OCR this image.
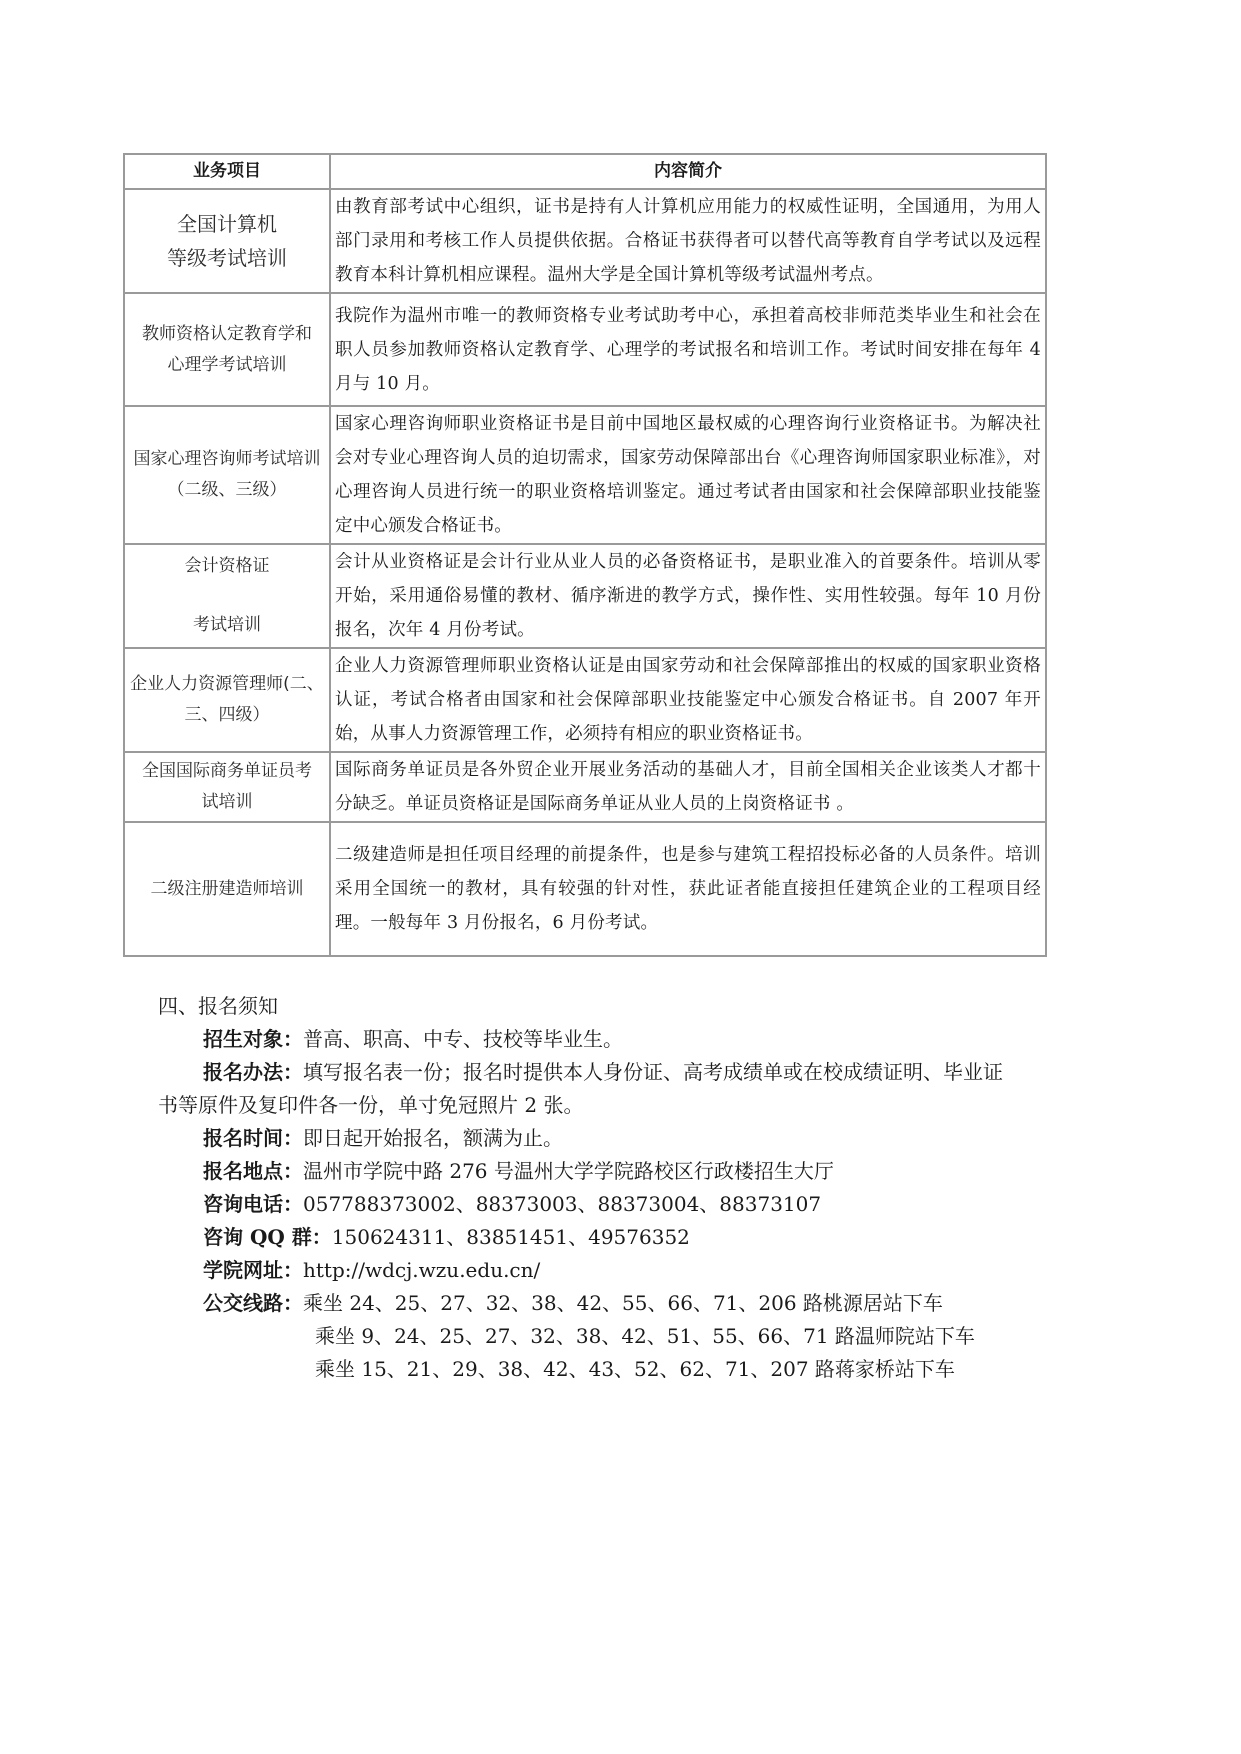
业务项目	内容简介

全国计算机
等级考试培训	由教育部考试中心组织，证书是持有人计算机应用能力的权威性证明，全国通用，为用人部门录用和考核工作人员提供依据。合格证书获得者可以替代高等教育自学考试以及远程教育本科计算机相应课程。温州大学是全国计算机等级考试温州考点。

教师资格认定教育学和
心理学考试培训	我院作为温州市唯一的教师资格专业考试助考中心，承担着高校非师范类毕业生和社会在职人员参加教师资格认定教育学、心理学的考试报名和培训工作。考试时间安排在每年 4 月与 10 月。

国家心理咨询师考试培训
（二级、三级）	国家心理咨询师职业资格证书是目前中国地区最权威的心理咨询行业资格证书。为解决社会对专业心理咨询人员的迫切需求，国家劳动保障部出台《心理咨询师国家职业标准》，对心理咨询人员进行统一的职业资格培训鉴定。通过考试者由国家和社会保障部职业技能鉴定中心颁发合格证书。

会计资格证
考试培训	会计从业资格证是会计行业从业人员的必备资格证书，是职业准入的首要条件。培训从零开始，采用通俗易懂的教材、循序渐进的教学方式，操作性、实用性较强。每年 10 月份报名，次年 4 月份考试。

企业人力资源管理师(二、
三、四级）	企业人力资源管理师职业资格认证是由国家劳动和社会保障部推出的权威的国家职业资格认证，考试合格者由国家和社会保障部职业技能鉴定中心颁发合格证书。自 2007 年开始，从事人力资源管理工作，必须持有相应的职业资格证书。

全国国际商务单证员考
试培训	国际商务单证员是各外贸企业开展业务活动的基础人才，目前全国相关企业该类人才都十分缺乏。单证员资格证是国际商务单证从业人员的上岗资格证书 。

二级注册建造师培训	二级建造师是担任项目经理的前提条件，也是参与建筑工程招投标必备的人员条件。培训采用全国统一的教材，具有较强的针对性，获此证者能直接担任建筑企业的工程项目经理。一般每年 3 月份报名，6 月份考试。
四、报名须知
招生对象：普高、职高、中专、技校等毕业生。
报名办法：填写报名表一份；报名时提供本人身份证、高考成绩单或在校成绩证明、毕业证
书等原件及复印件各一份，单寸免冠照片 2 张。
报名时间：即日起开始报名，额满为止。
报名地点：温州市学院中路 276 号温州大学学院路校区行政楼招生大厅
咨询电话：057788373002、88373003、88373004、88373107
咨询 QQ 群：150624311、83851451、49576352
学院网址：http://wdcj.wzu.edu.cn/
公交线路：乘坐 24、25、27、32、38、42、55、66、71、206 路桃源居站下车
乘坐 9、24、25、27、32、38、42、51、55、66、71 路温师院站下车
乘坐 15、21、29、38、42、43、52、62、71、207 路蒋家桥站下车
